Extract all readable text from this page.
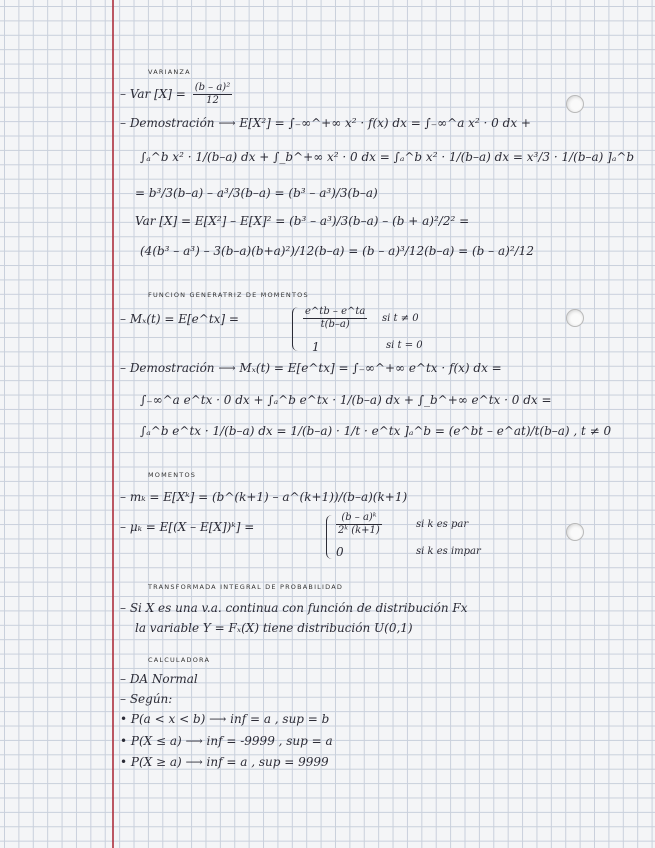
VARIANZA
– Var $[X] = \frac{\text{(b – a)²}}{12}$
– Demostración ⟶ E[X²] = ∫₋∞^+∞ x² · f(x) dx = ∫₋∞^a x² · 0 dx +
∫ₐ^b x² · 1/(b–a) dx + ∫_b^+∞ x² · 0 dx = ∫ₐ^b x² · 1/(b–a) dx = x³/3 · 1/(b–a) ]ₐ^b
= b³/3(b–a) – a³/3(b–a) = (b³ – a³)/3(b–a)
Var [X] = E[X²] – E[X]² = (b³ – a³)/3(b–a) – (b + a)²/2² =
(4(b³ – a³) – 3(b–a)(b+a)²)/12(b–a) = (b – a)³/12(b–a) = (b – a)²/12
FUNCION GENERATRIZ DE MOMENTOS
– Mₓ(t) = E[e^tx] =	$\frac{e\^{}tb - e\^{}ta}{t(b-a)}$ si t ≠ 0
1	si t = 0
– Demostración ⟶ Mₓ(t) = E[e^tx] = ∫₋∞^+∞ e^tx · f(x) dx =
∫₋∞^a e^tx · 0 dx + ∫ₐ^b e^tx · 1/(b–a) dx + ∫_b^+∞ e^tx · 0 dx =
∫ₐ^b e^tx · 1/(b–a) dx = 1/(b–a) · 1/t · e^tx ]ₐ^b = (e^bt – e^at)/t(b–a) , t ≠ 0
MOMENTOS
– mₖ = E[Xᵏ] = (b^(k+1) – a^(k+1))/(b–a)(k+1)
– μₖ = E[(X – E[X])ᵏ] =	$\frac{\text{(b – a)ᵏ}}{\text{2ᵏ (k+1)}}$	si k es par
0	si k es impar
TRANSFORMADA INTEGRAL DE PROBABILIDAD
– Si X es una v.a. continua con función de distribución Fx
la variable Y = Fₓ(X) tiene distribución U(0,1)
CALCULADORA
– DA Normal
– Según:
• P(a < x < b) ⟶ inf = a , sup = b
• P(X ≤ a) ⟶ inf = -9999 , sup = a
• P(X ≥ a) ⟶ inf = a , sup = 9999
